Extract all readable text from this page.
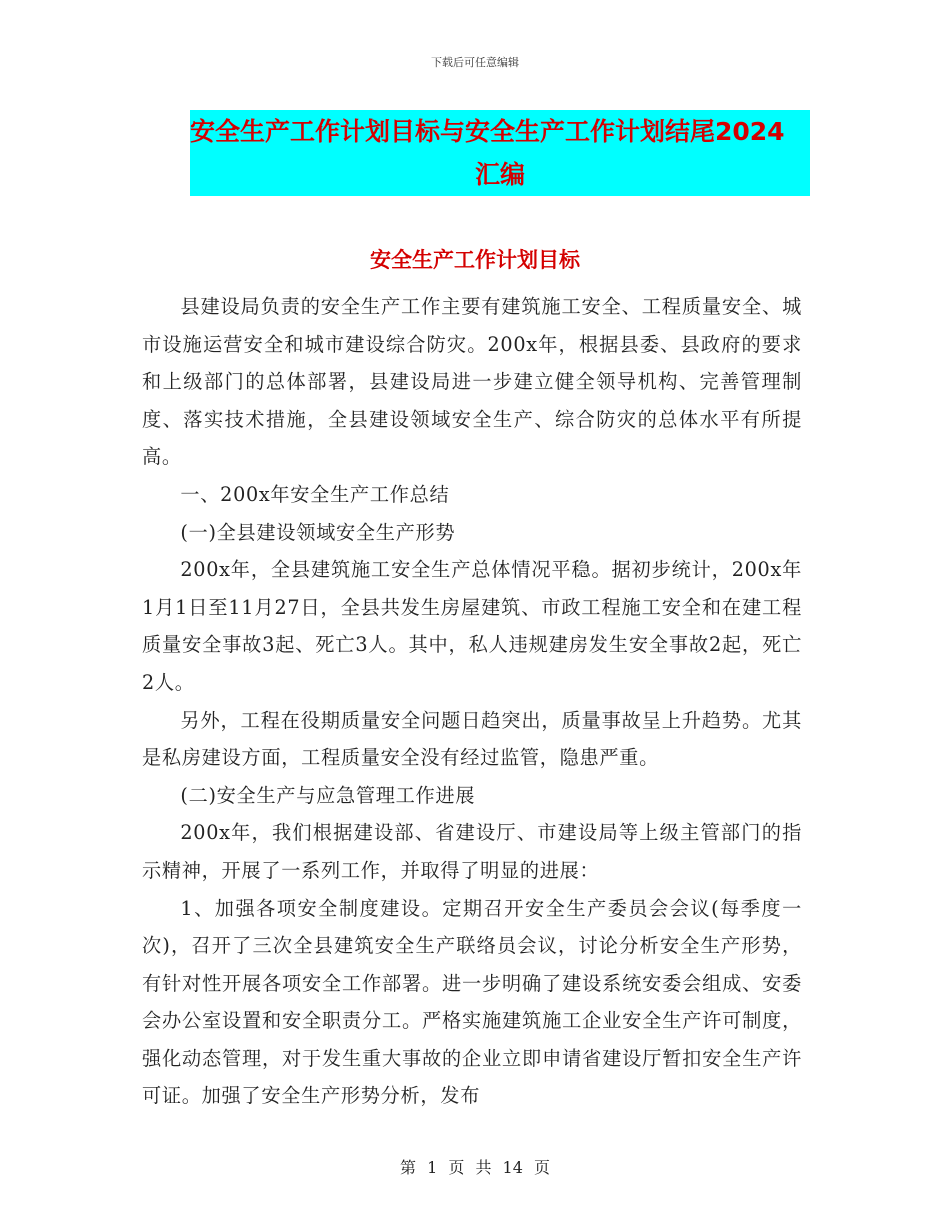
下载后可任意编辑
安全生产工作计划目标与安全生产工作计划结尾2024
汇编
安全生产工作计划目标

县建设局负责的安全生产工作主要有建筑施工安全、工程质量安全、城市设施运营安全和城市建设综合防灾。200x年，根据县委、县政府的要求和上级部门的总体部署，县建设局进一步建立健全领导机构、完善管理制度、落实技术措施，全县建设领域安全生产、综合防灾的总体水平有所提高。

一、200x年安全生产工作总结

(一)全县建设领域安全生产形势

200x年，全县建筑施工安全生产总体情况平稳。据初步统计，200x年1月1日至11月27日，全县共发生房屋建筑、市政工程施工安全和在建工程质量安全事故3起、死亡3人。其中，私人违规建房发生安全事故2起，死亡2人。

另外，工程在役期质量安全问题日趋突出，质量事故呈上升趋势。尤其是私房建设方面，工程质量安全没有经过监管，隐患严重。

(二)安全生产与应急管理工作进展

200x年，我们根据建设部、省建设厅、市建设局等上级主管部门的指示精神，开展了一系列工作，并取得了明显的进展：

1、加强各项安全制度建设。定期召开安全生产委员会会议(每季度一次)，召开了三次全县建筑安全生产联络员会议，讨论分析安全生产形势，有针对性开展各项安全工作部署。进一步明确了建设系统安委会组成、安委会办公室设置和安全职责分工。严格实施建筑施工企业安全生产许可制度，强化动态管理，对于发生重大事故的企业立即申请省建设厅暂扣安全生产许可证。加强了安全生产形势分析，发布

第 1 页 共 14 页
